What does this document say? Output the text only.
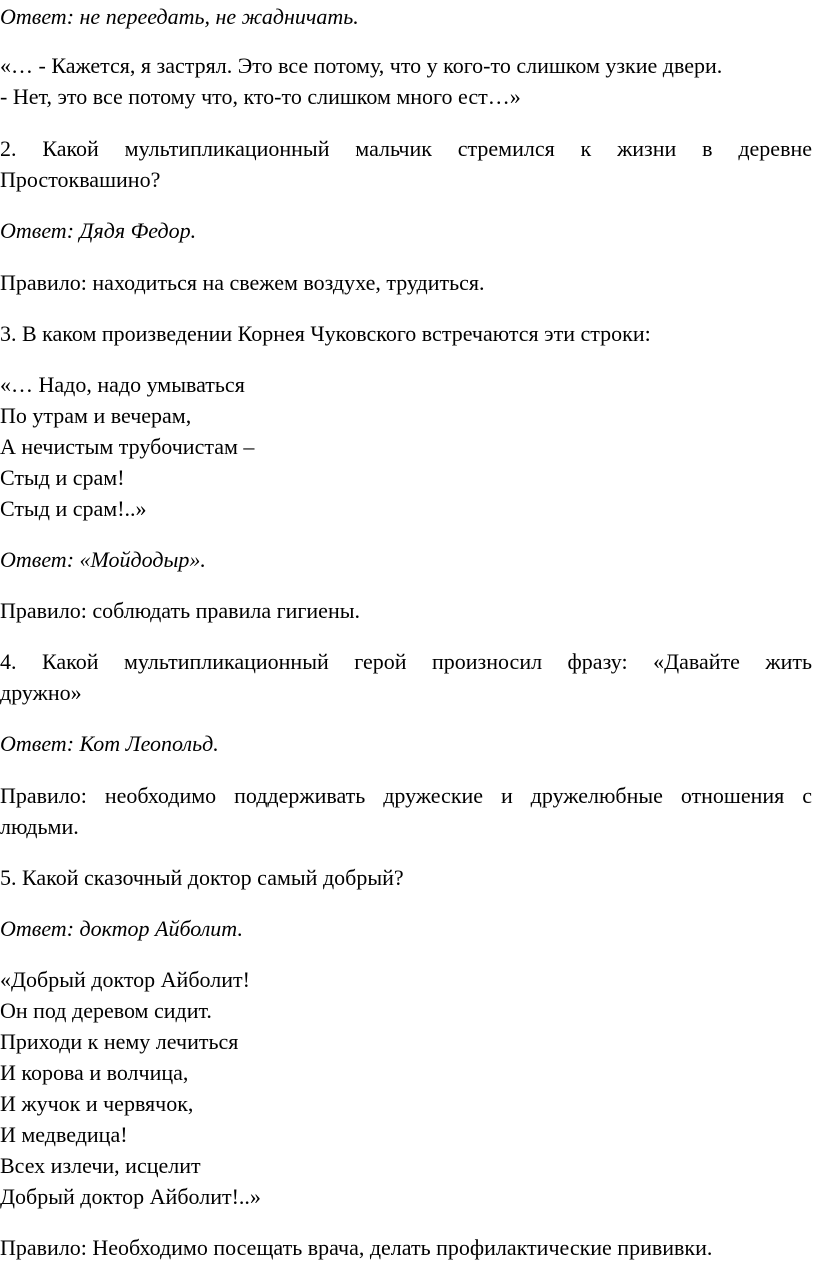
Ответ: не переедать, не жадничать.
«… - Кажется, я застрял. Это все потому, что у кого-то слишком узкие двери.
- Нет, это все потому что, кто-то слишком много ест…»
2. Какой мультипликационный мальчик стремился к жизни в деревне
Простоквашино?
Ответ: Дядя Федор.
Правило: находиться на свежем воздухе, трудиться.
3. В каком произведении Корнея Чуковского встречаются эти строки:
«… Надо, надо умываться
По утрам и вечерам,
А нечистым трубочистам –
Стыд и срам!
Стыд и срам!..»
Ответ: «Мойдодыр».
Правило: соблюдать правила гигиены.
4. Какой мультипликационный герой произносил фразу: «Давайте жить
дружно»
Ответ: Кот Леопольд.
Правило: необходимо поддерживать дружеские и дружелюбные отношения с
людьми.
5. Какой сказочный доктор самый добрый?
Ответ: доктор Айболит.
«Добрый доктор Айболит!
Он под деревом сидит.
Приходи к нему лечиться
И корова и волчица,
И жучок и червячок,
И медведица!
Всех излечи, исцелит
Добрый доктор Айболит!..»
Правило: Необходимо посещать врача, делать профилактические прививки.
